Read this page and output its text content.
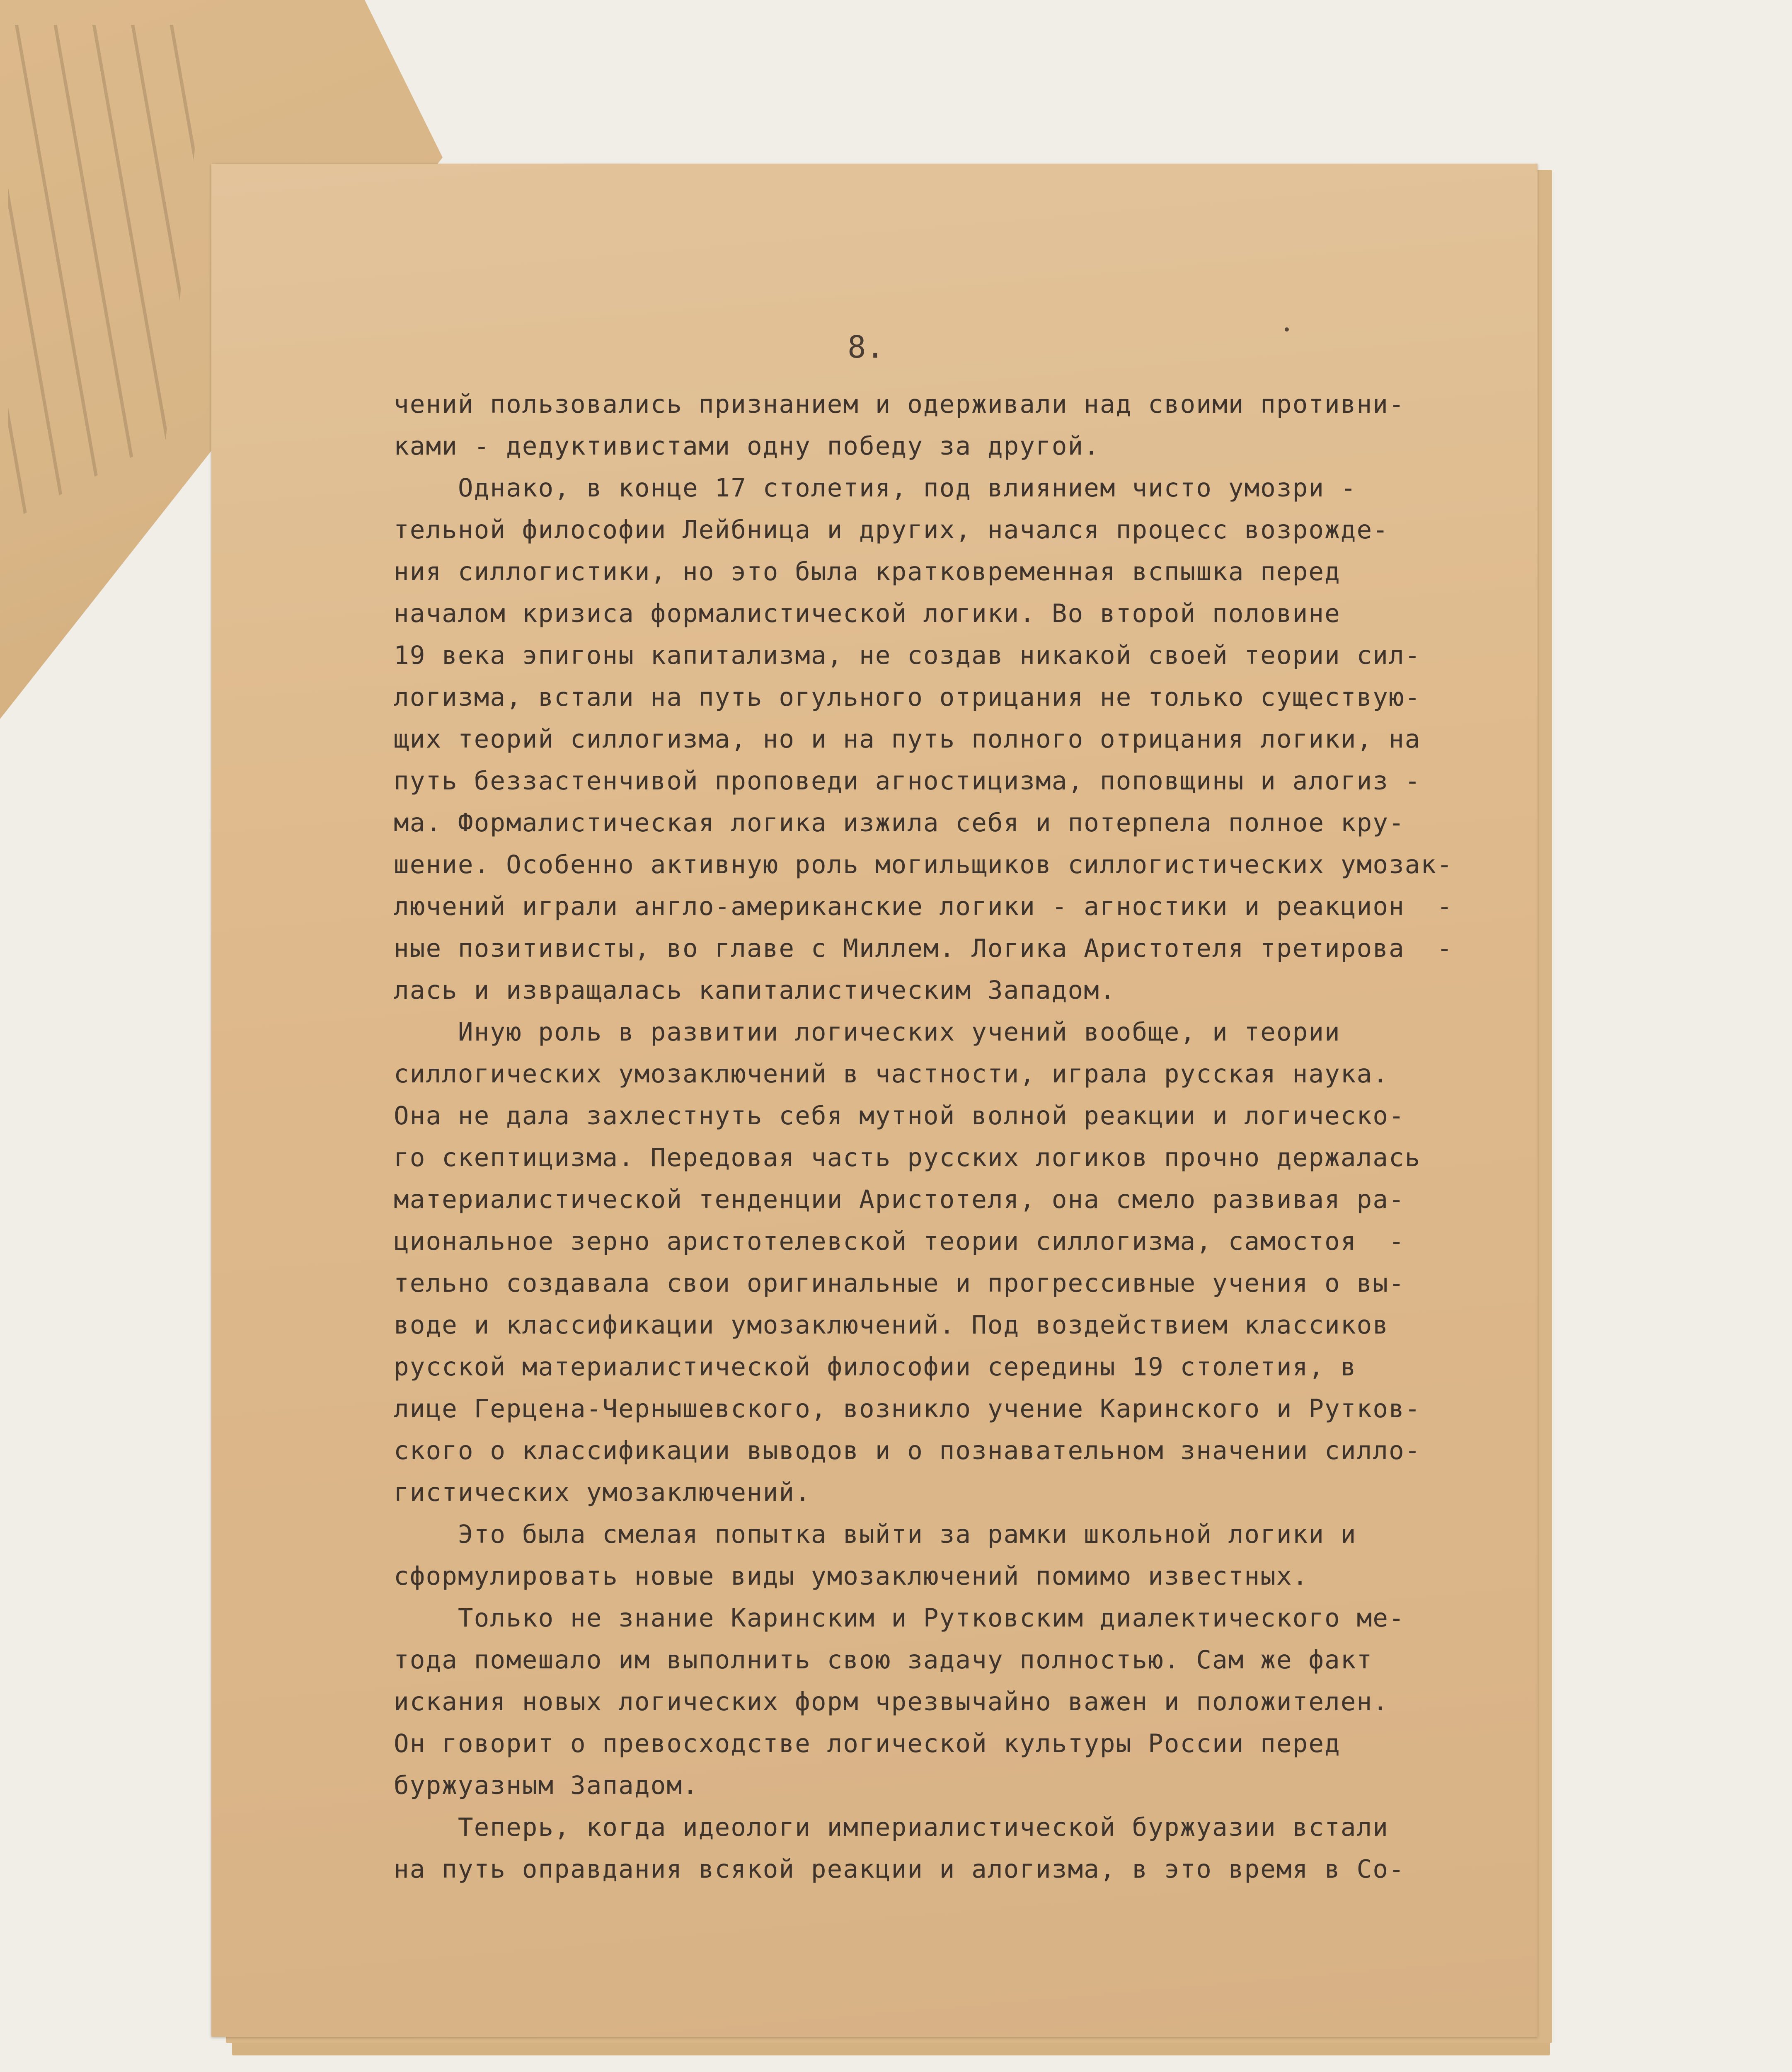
8.
чений пользовались признанием и одерживали над своими противни-
ками - дедуктивистами одну победу за другой.
Однако, в конце 17 столетия, под влиянием чисто умозри -
тельной философии Лейбница и других, начался процесс возрожде-
ния силлогистики, но это была кратковременная вспышка перед
началом кризиса формалистической логики. Во второй половине
19 века эпигоны капитализма, не создав никакой своей теории сил-
логизма, встали на путь огульного отрицания не только существую-
щих теорий силлогизма, но и на путь полного отрицания логики, на
путь беззастенчивой проповеди агностицизма, поповщины и алогиз -
ма. Формалистическая логика изжила себя и потерпела полное кру-
шение. Особенно активную роль могильщиков силлогистических умозак-
лючений играли англо-американские логики - агностики и реакцион  -
ные позитивисты, во главе с Миллем. Логика Аристотеля третирова  -
лась и извращалась капиталистическим Западом.
Иную роль в развитии логических учений вообще, и теории
силлогических умозаключений в частности, играла русская наука.
Она не дала захлестнуть себя мутной волной реакции и логическо-
го скептицизма. Передовая часть русских логиков прочно держалась
материалистической тенденции Аристотеля, она смело развивая ра-
циональное зерно аристотелевской теории силлогизма, самостоя  -
тельно создавала свои оригинальные и прогрессивные учения о вы-
воде и классификации умозаключений. Под воздействием классиков
русской материалистической философии середины 19 столетия, в
лице Герцена-Чернышевского, возникло учение Каринского и Рутков-
ского о классификации выводов и о познавательном значении силло-
гистических умозаключений.
Это была смелая попытка выйти за рамки школьной логики и
сформулировать новые виды умозаключений помимо известных.
Только не знание Каринским и Рутковским диалектического ме-
тода помешало им выполнить свою задачу полностью. Сам же факт
искания новых логических форм чрезвычайно важен и положителен.
Он говорит о превосходстве логической культуры России перед
буржуазным Западом.
Теперь, когда идеологи империалистической буржуазии встали
на путь оправдания всякой реакции и алогизма, в это время в Со-
